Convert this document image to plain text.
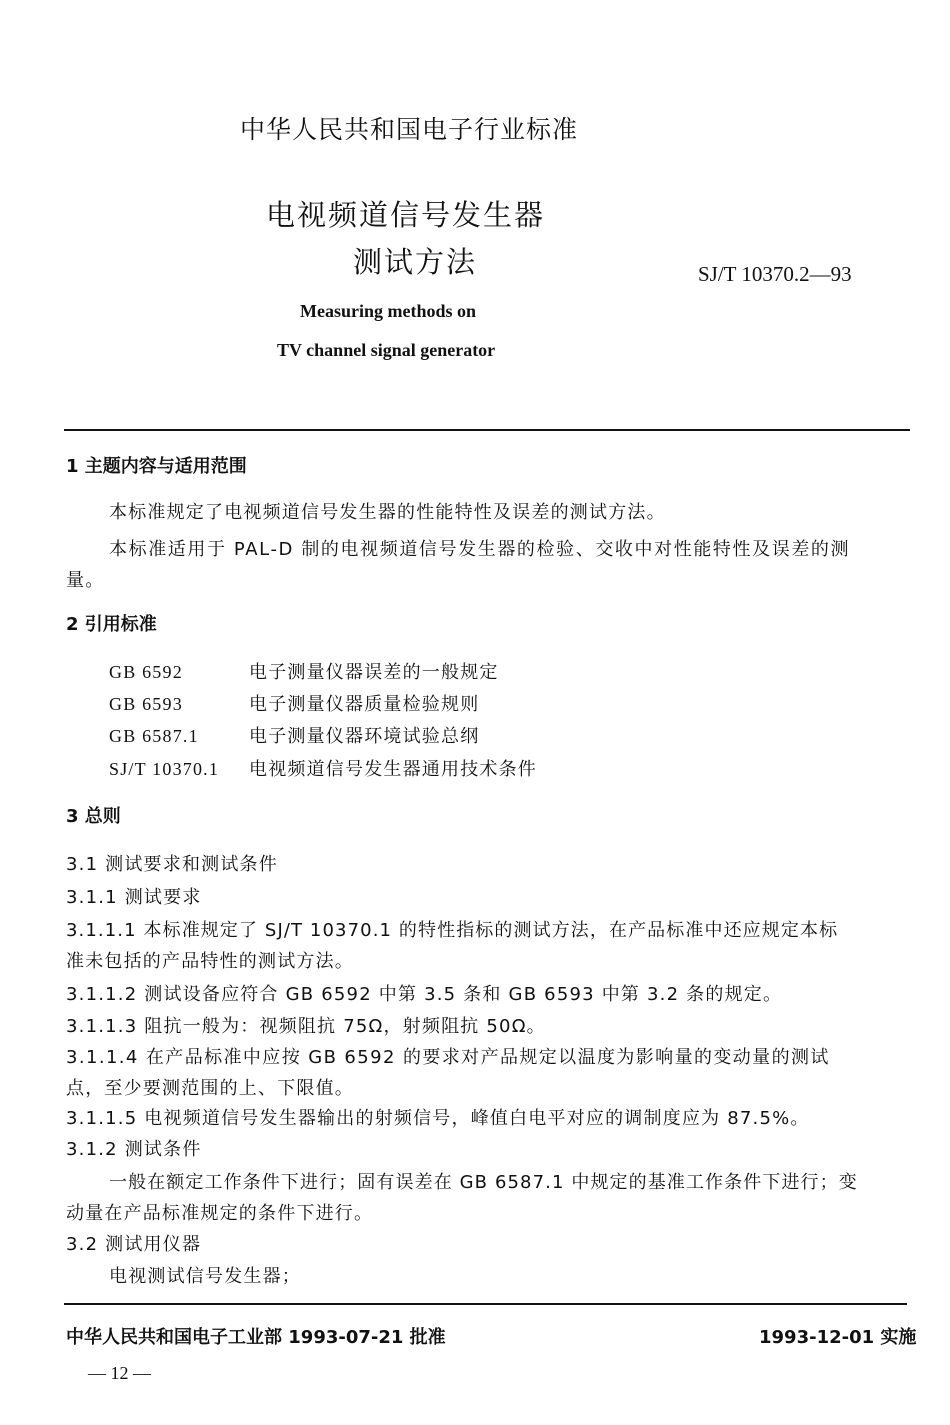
中华人民共和国电子行业标准
电视频道信号发生器
测试方法	SJ/T 10370.2—93
Measuring methods on
TV channel signal generator
1 主题内容与适用范围
本标准规定了电视频道信号发生器的性能特性及误差的测试方法。
本标准适用于 PAL-D 制的电视频道信号发生器的检验、交收中对性能特性及误差的测
量。
2 引用标准
GB 6592	电子测量仪器误差的一般规定
GB 6593	电子测量仪器质量检验规则
GB 6587.1	电子测量仪器环境试验总纲
SJ/T 10370.1 电视频道信号发生器通用技术条件
3 总则
3.1 测试要求和测试条件
3.1.1 测试要求
3.1.1.1 本标准规定了 SJ/T 10370.1 的特性指标的测试方法，在产品标准中还应规定本标
准未包括的产品特性的测试方法。
3.1.1.2 测试设备应符合 GB 6592 中第 3.5 条和 GB 6593 中第 3.2 条的规定。
3.1.1.3 阻抗一般为：视频阻抗 75Ω，射频阻抗 50Ω。
3.1.1.4 在产品标准中应按 GB 6592 的要求对产品规定以温度为影响量的变动量的测试
点，至少要测范围的上、下限值。
3.1.1.5 电视频道信号发生器输出的射频信号，峰值白电平对应的调制度应为 87.5%。
3.1.2 测试条件
一般在额定工作条件下进行；固有误差在 GB 6587.1 中规定的基准工作条件下进行；变
动量在产品标准规定的条件下进行。
3.2 测试用仪器
电视测试信号发生器；
中华人民共和国电子工业部 1993-07-21 批准	1993-12-01 实施
— 12 —
